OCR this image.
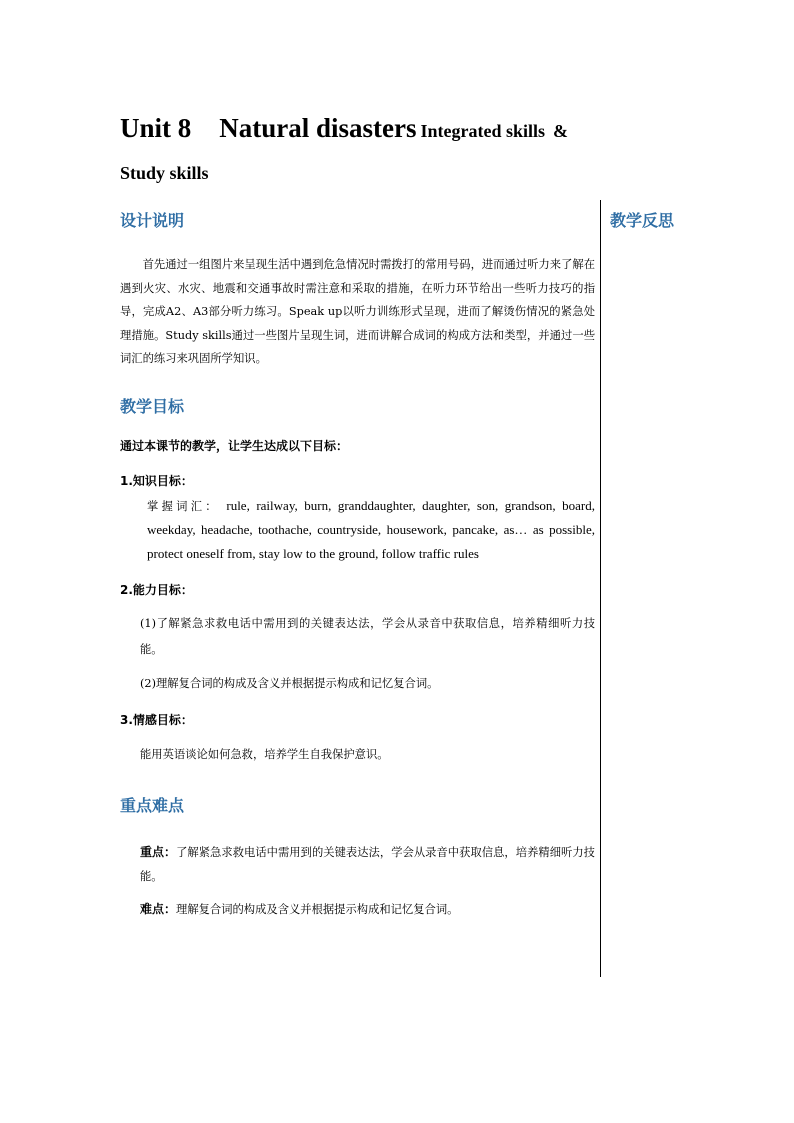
Unit 8 Natural disasters Integrated skills &
Study skills
设计说明

首先通过一组图片来呈现生活中遇到危急情况时需拨打的常用号码，进而通过听力来了解在遇到火灾、水灾、地震和交通事故时需注意和采取的措施，在听力环节给出一些听力技巧的指导，完成A2、A3部分听力练习。Speak up以听力训练形式呈现，进而了解烫伤情况的紧急处理措施。Study skills通过一些图片呈现生词，进而讲解合成词的构成方法和类型，并通过一些词汇的练习来巩固所学知识。

教学目标

通过本课节的教学，让学生达成以下目标：

1.知识目标：

掌握词汇： rule, railway, burn, granddaughter, daughter, son, grandson, board, weekday, headache, toothache, countryside, housework, pancake, as… as possible, protect oneself from, stay low to the ground, follow traffic rules

2.能力目标：

(1)了解紧急求救电话中需用到的关键表达法，学会从录音中获取信息，培养精细听力技能。

(2)理解复合词的构成及含义并根据提示构成和记忆复合词。

3.情感目标：

能用英语谈论如何急救，培养学生自我保护意识。

重点难点

重点：了解紧急求救电话中需用到的关键表达法，学会从录音中获取信息，培养精细听力技能。

难点：理解复合词的构成及含义并根据提示构成和记忆复合词。

教学反思
